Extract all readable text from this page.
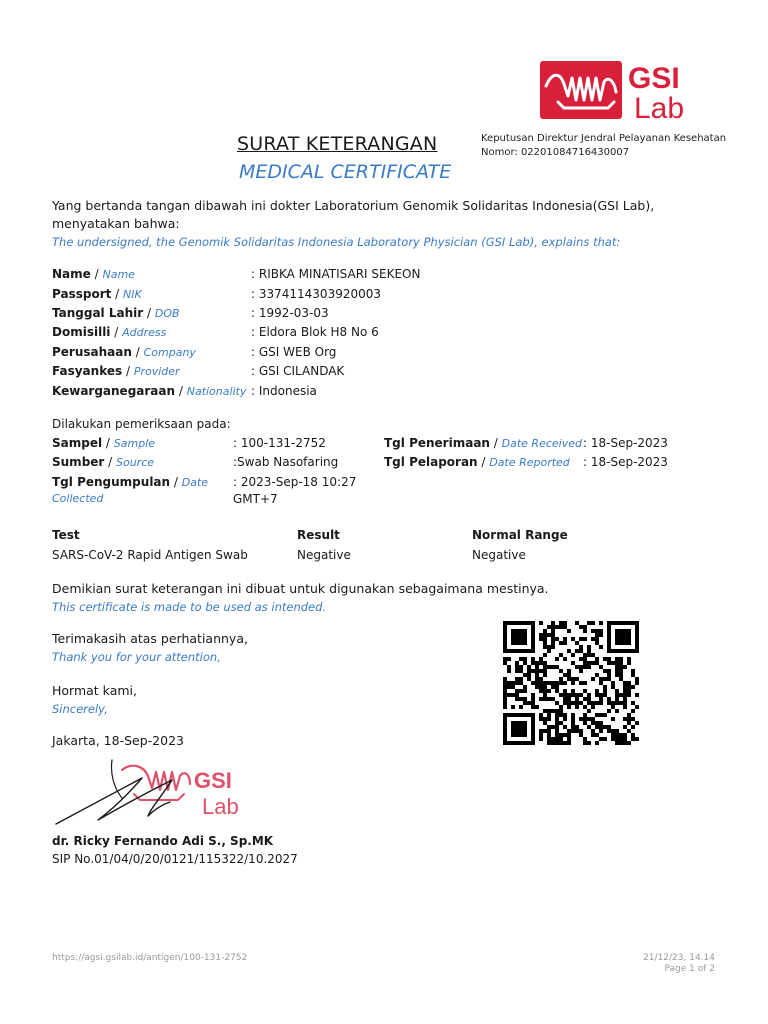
GSI
Lab
SURAT KETERANGAN
MEDICAL CERTIFICATE
Keputusan Direktur Jendral Pelayanan Kesehatan
Nomor: 02201084716430007
Yang bertanda tangan dibawah ini dokter Laboratorium Genomik Solidaritas Indonesia(GSI Lab), menyatakan bahwa:
The undersigned, the Genomik Solidaritas Indonesia Laboratory Physician (GSI Lab), explains that:
Name / Name	: RIBKA MINATISARI SEKEON
Passport / NIK	: 3374114303920003
Tanggal Lahir / DOB	: 1992-03-03
Domisilli / Address	: Eldora Blok H8 No 6
Perusahaan / Company	: GSI WEB Org
Fasyankes / Provider	: GSI CILANDAK
Kewarganegaraan / Nationality : Indonesia
Dilakukan pemeriksaan pada:
Sampel / Sample	: 100-131-2752
Sumber / Source	:Swab Nasofaring
Tgl Pengumpulan / Date
Collected
: 2023-Sep-18 10:27
GMT+7
Tgl Penerimaan / Date Received : 18-Sep-2023
Tgl Pelaporan / Date Reported : 18-Sep-2023
Test	Result	Normal Range
SARS-CoV-2 Rapid Antigen Swab	Negative	Negative
Demikian surat keterangan ini dibuat untuk digunakan sebagaimana mestinya.
This certificate is made to be used as intended.
Terimakasih atas perhatiannya,
Thank you for your attention,
Hormat kami,
Sincerely,
Jakarta, 18-Sep-2023
GSI
Lab
dr. Ricky Fernando Adi S., Sp.MK
SIP No.01/04/0/20/0121/115322/10.2027
https://agsi.gsilab.id/antigen/100-131-2752	21/12/23, 14.14
Page 1 of 2
